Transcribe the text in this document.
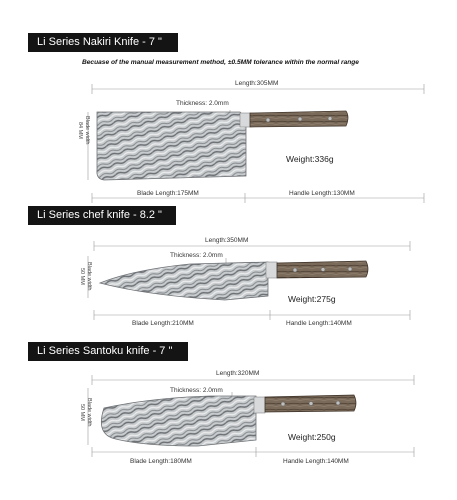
Li Series Nakiri Knife - 7 "
Li Series chef knife - 8.2 "
Li Series Santoku knife - 7 "
Becuase of the manual measurement method, ±0.5MM tolerance within the normal range
Length:305MM
Thickness: 2.0mm
Blade width
84 MM
Weight:336g
Blade Length:175MM	Handle Length:130MM
Length:350MM
Thickness: 2.0mm
Blade width
50 MM
Weight:275g
Blade Length:210MM	Handle Length:140MM
Length:320MM
Thickness: 2.0mm
Blade width
50 MM
Weight:250g
Blade Length:180MM	Handle Length:140MM
